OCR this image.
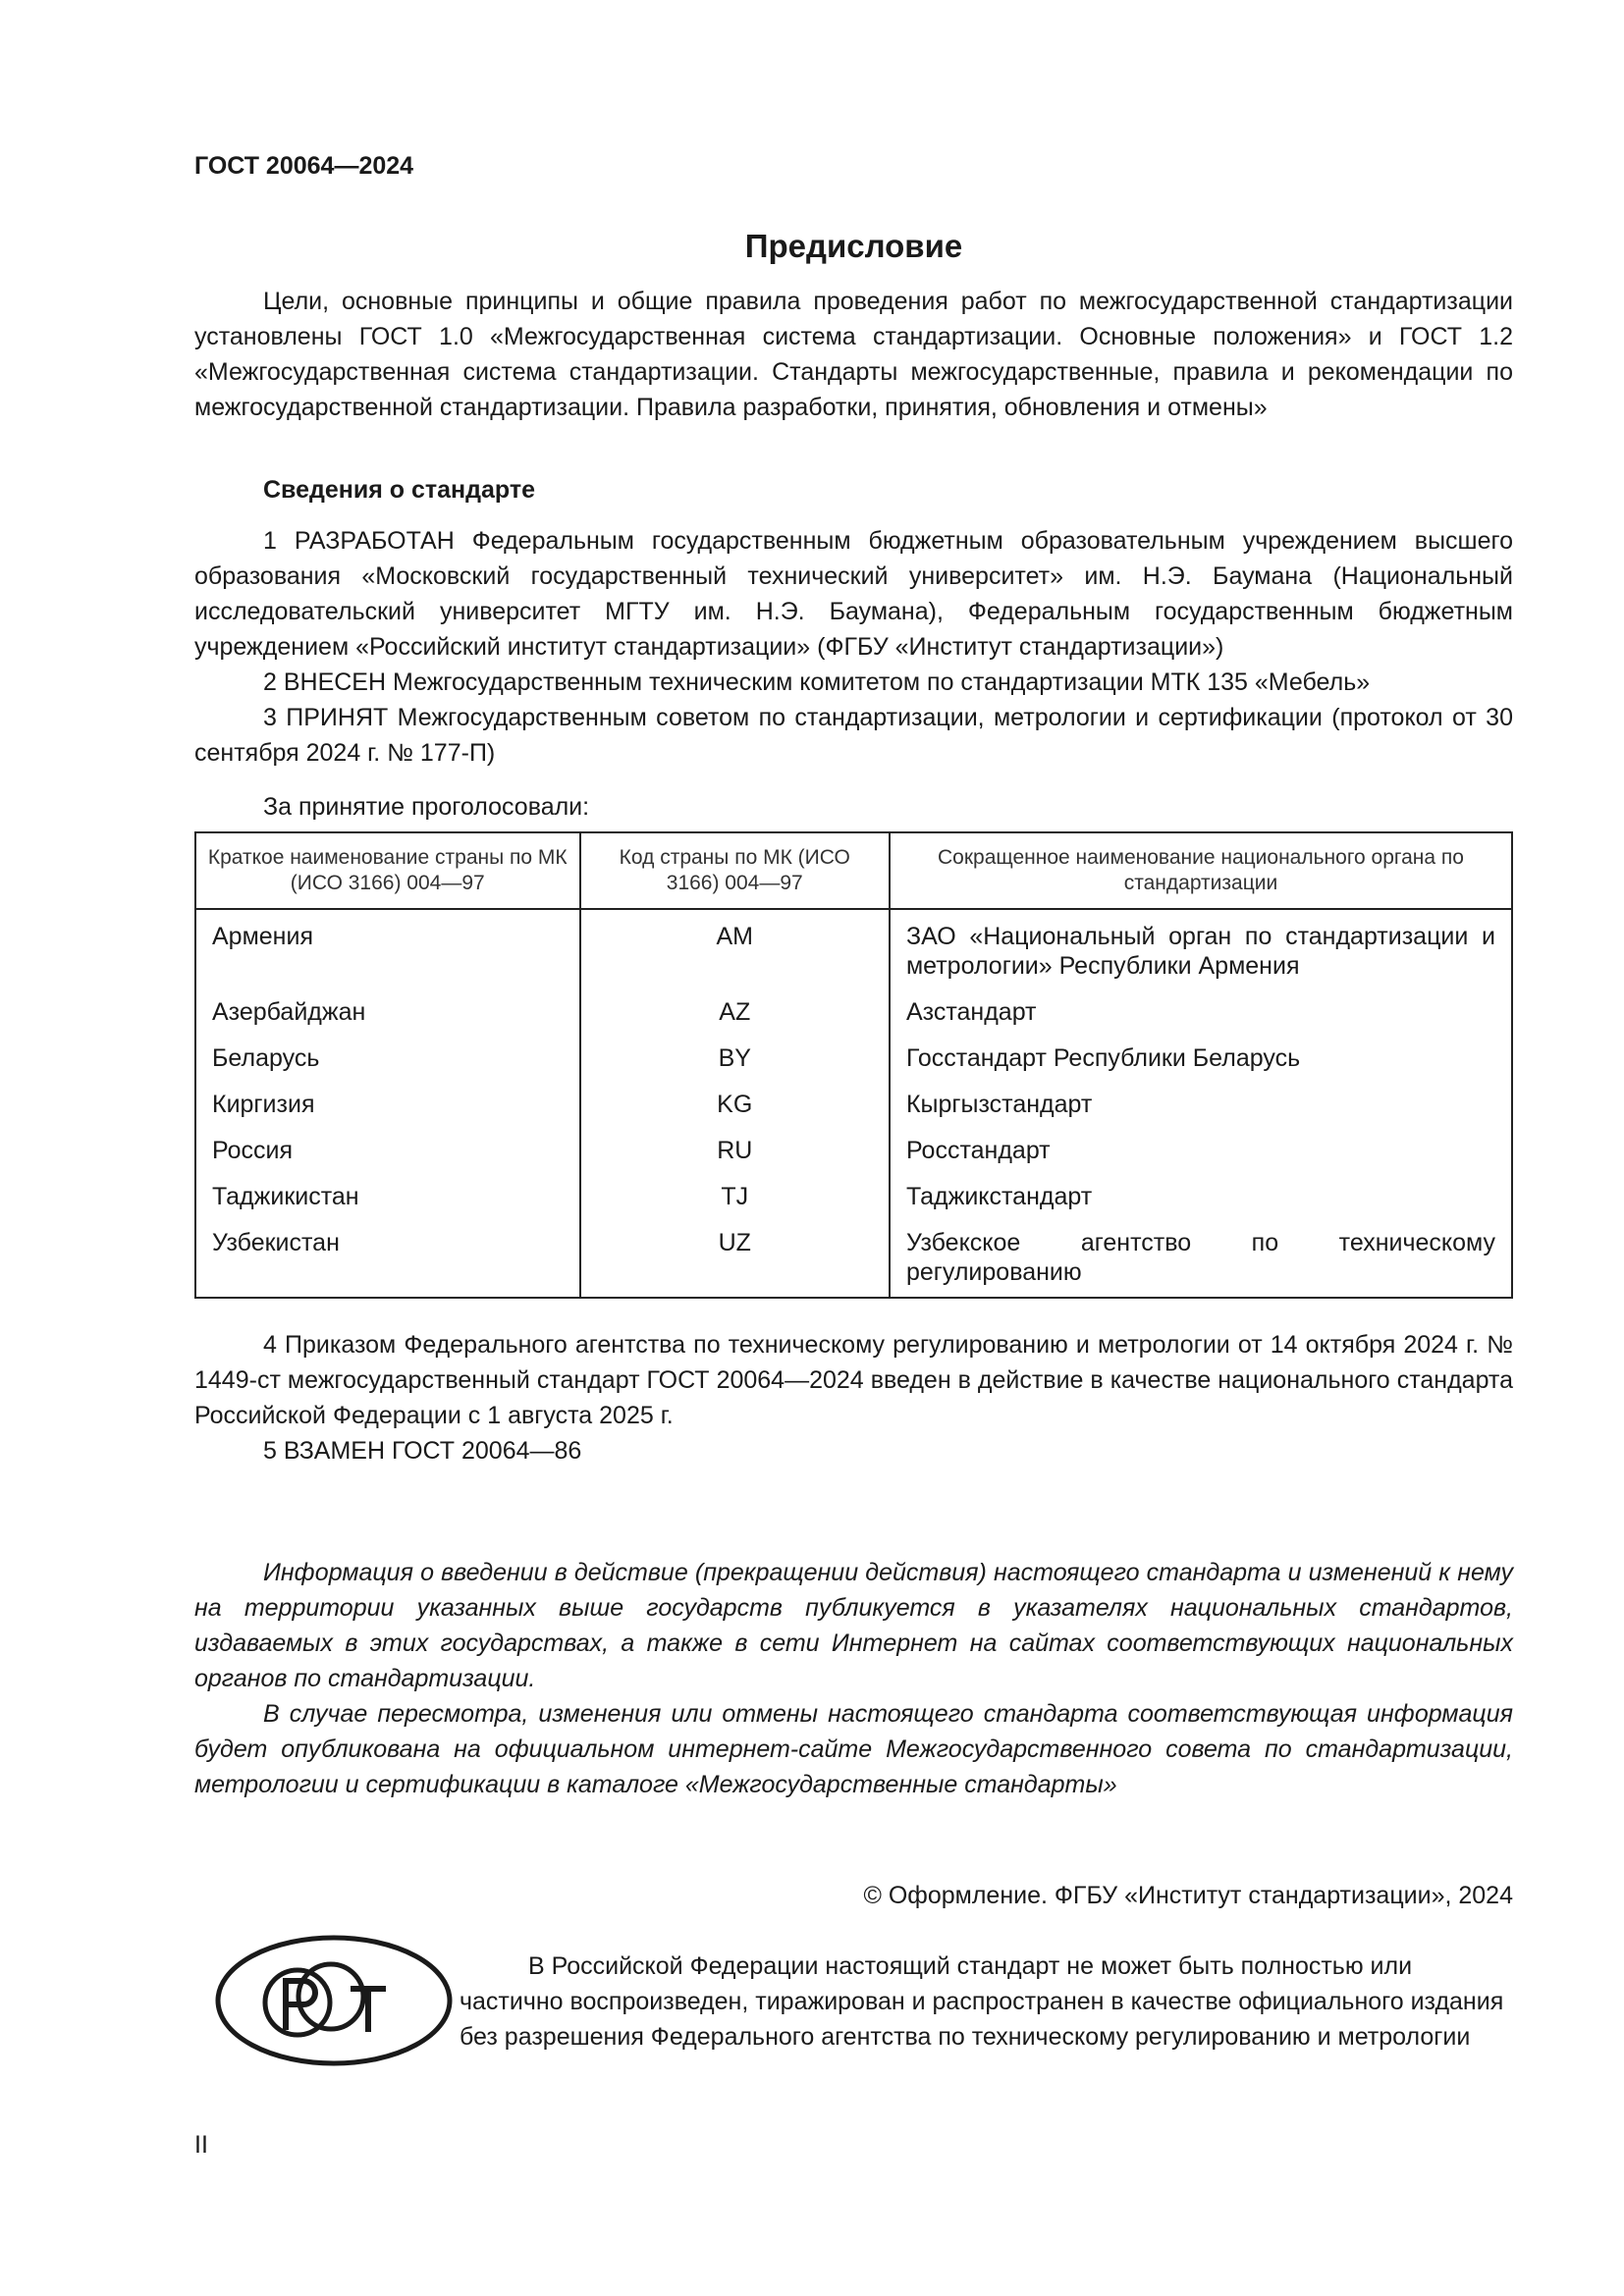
ГОСТ 20064—2024
Предисловие

Цели, основные принципы и общие правила проведения работ по межгосударственной стандартизации установлены ГОСТ 1.0 «Межгосударственная система стандартизации. Основные положения» и ГОСТ 1.2 «Межгосударственная система стандартизации. Стандарты межгосударственные, правила и рекомендации по межгосударственной стандартизации. Правила разработки, принятия, обновления и отмены»

Сведения о стандарте

1 РАЗРАБОТАН Федеральным государственным бюджетным образовательным учреждением высшего образования «Московский государственный технический университет» им. Н.Э. Баумана (Национальный исследовательский университет МГТУ им. Н.Э. Баумана), Федеральным государственным бюджетным учреждением «Российский институт стандартизации» (ФГБУ «Институт стандартизации»)

2 ВНЕСЕН Межгосударственным техническим комитетом по стандартизации МТК 135 «Мебель»

3 ПРИНЯТ Межгосударственным советом по стандартизации, метрологии и сертификации (протокол от 30 сентября 2024 г. № 177-П)

За принятие проголосовали:
Краткое наименование страны по МК (ИСО 3166) 004—97	Код страны по МК (ИСО 3166) 004—97	Сокращенное наименование национального органа по стандартизации
Армения	AM	ЗАО «Национальный орган по стандартизации и метрологии» Республики Армения
Азербайджан	AZ	Азстандарт
Беларусь	BY	Госстандарт Республики Беларусь
Киргизия	KG	Кыргызстандарт
Россия	RU	Росстандарт
Таджикистан	TJ	Таджикстандарт
Узбекистан	UZ	Узбекское агентство по техническому регулированию

4 Приказом Федерального агентства по техническому регулированию и метрологии от 14 октября 2024 г. № 1449-ст межгосударственный стандарт ГОСТ 20064—2024 введен в действие в качестве национального стандарта Российской Федерации с 1 августа 2025 г.

5 ВЗАМЕН ГОСТ 20064—86

Информация о введении в действие (прекращении действия) настоящего стандарта и изменений к нему на территории указанных выше государств публикуется в указателях национальных стандартов, издаваемых в этих государствах, а также в сети Интернет на сайтах соответствующих национальных органов по стандартизации.

В случае пересмотра, изменения или отмены настоящего стандарта соответствующая информация будет опубликована на официальном интернет-сайте Межгосударственного совета по стандартизации, метрологии и сертификации в каталоге «Межгосударственные стандарты»

© Оформление. ФГБУ «Институт стандартизации», 2024

В Российской Федерации настоящий стандарт не может быть полностью или частично воспроизведен, тиражирован и распространен в качестве официального издания без разрешения Федерального агентства по техническому регулированию и метрологии

II
